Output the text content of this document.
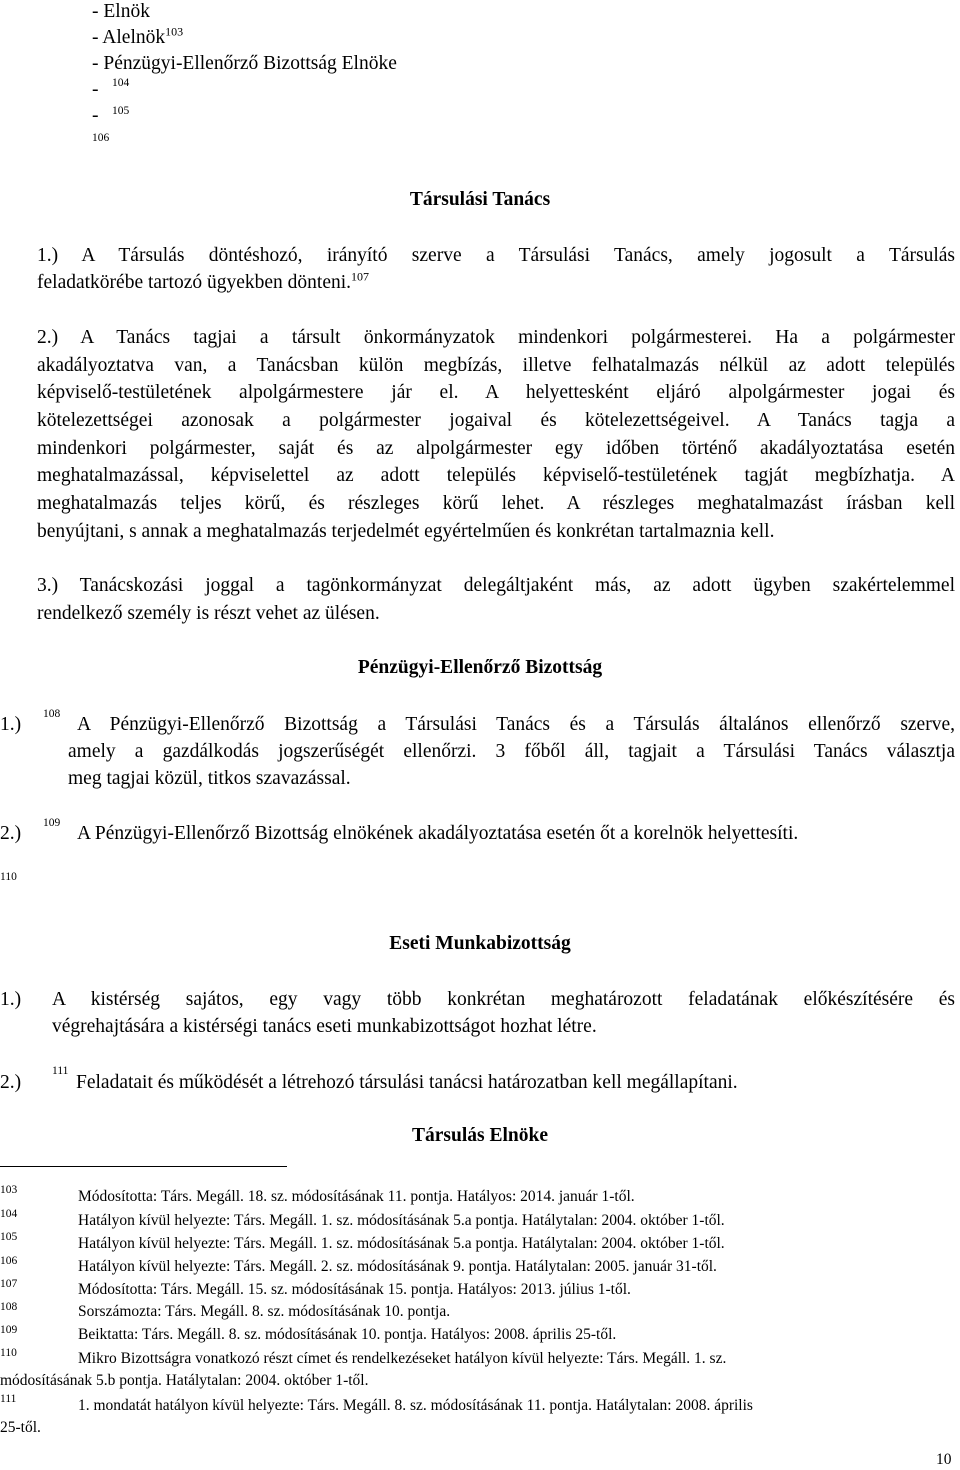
- Elnök
- Alelnök$^{103}$
- Pénzügyi-Ellenőrző Bizottság Elnöke
- 104
- 105
106
Társulási Tanács
1.) A Társulás döntéshozó, irányító szerve a Társulási Tanács, amely jogosult a Társulás
feladatkörébe tartozó ügyekben dönteni.$^{107}$
2.) A Tanács tagjai a társult önkormányzatok mindenkori polgármesterei. Ha a polgármester
akadályoztatva van, a Tanácsban külön megbízás, illetve felhatalmazás nélkül az adott település
képviselő-testületének alpolgármestere jár el. A helyettesként eljáró alpolgármester jogai és
kötelezettségei azonosak a polgármester jogaival és kötelezettségeivel. A Tanács tagja a
mindenkori polgármester, saját és az alpolgármester egy időben történő akadályoztatása esetén
meghatalmazással, képviselettel az adott település képviselő-testületének tagját megbízhatja. A
meghatalmazás teljes körű, és részleges körű lehet. A részleges meghatalmazást írásban kell
benyújtani, s annak a meghatalmazás terjedelmét egyértelműen és konkrétan tartalmaznia kell.
3.) Tanácskozási joggal a tagönkormányzat delegáltjaként más, az adott ügyben szakértelemmel
rendelkező személy is részt vehet az ülésen.
Pénzügyi-Ellenőrző Bizottság
1.) 108 A Pénzügyi-Ellenőrző Bizottság a Társulási Tanács és a Társulás általános ellenőrző szerve,
amely a gazdálkodás jogszerűségét ellenőrzi. 3 főből áll, tagjait a Társulási Tanács választja
meg tagjai közül, titkos szavazással.
2.) 109 A Pénzügyi-Ellenőrző Bizottság elnökének akadályoztatása esetén őt a korelnök helyettesíti.
110
Eseti Munkabizottság
1.) A kistérség sajátos, egy vagy több konkrétan meghatározott feladatának előkészítésére és
végrehajtására a kistérségi tanács eseti munkabizottságot hozhat létre.
2.)
111
Feladatait és működését a létrehozó társulási tanácsi határozatban kell megállapítani.
Társulás Elnöke
103	Módosította: Társ. Megáll. 18. sz. módosításának 11. pontja. Hatályos: 2014. január 1-től.
104	Hatályon kívül helyezte: Társ. Megáll. 1. sz. módosításának 5.a pontja. Hatálytalan: 2004. október 1-től.
105	Hatályon kívül helyezte: Társ. Megáll. 1. sz. módosításának 5.a pontja. Hatálytalan: 2004. október 1-től.
106	Hatályon kívül helyezte: Társ. Megáll. 2. sz. módosításának 9. pontja. Hatálytalan: 2005. január 31-től.
107	Módosította: Társ. Megáll. 15. sz. módosításának 15. pontja. Hatályos: 2013. július 1-től.
108	Sorszámozta: Társ. Megáll. 8. sz. módosításának 10. pontja.
109	Beiktatta: Társ. Megáll. 8. sz. módosításának 10. pontja. Hatályos: 2008. április 25-től.
110	Mikro Bizottságra vonatkozó részt címet és rendelkezéseket hatályon kívül helyezte: Társ. Megáll. 1. sz.
módosításának 5.b pontja. Hatálytalan: 2004. október 1-től.
111	1. mondatát hatályon kívül helyezte: Társ. Megáll. 8. sz. módosításának 11. pontja. Hatálytalan: 2008. április
25-től.
10
